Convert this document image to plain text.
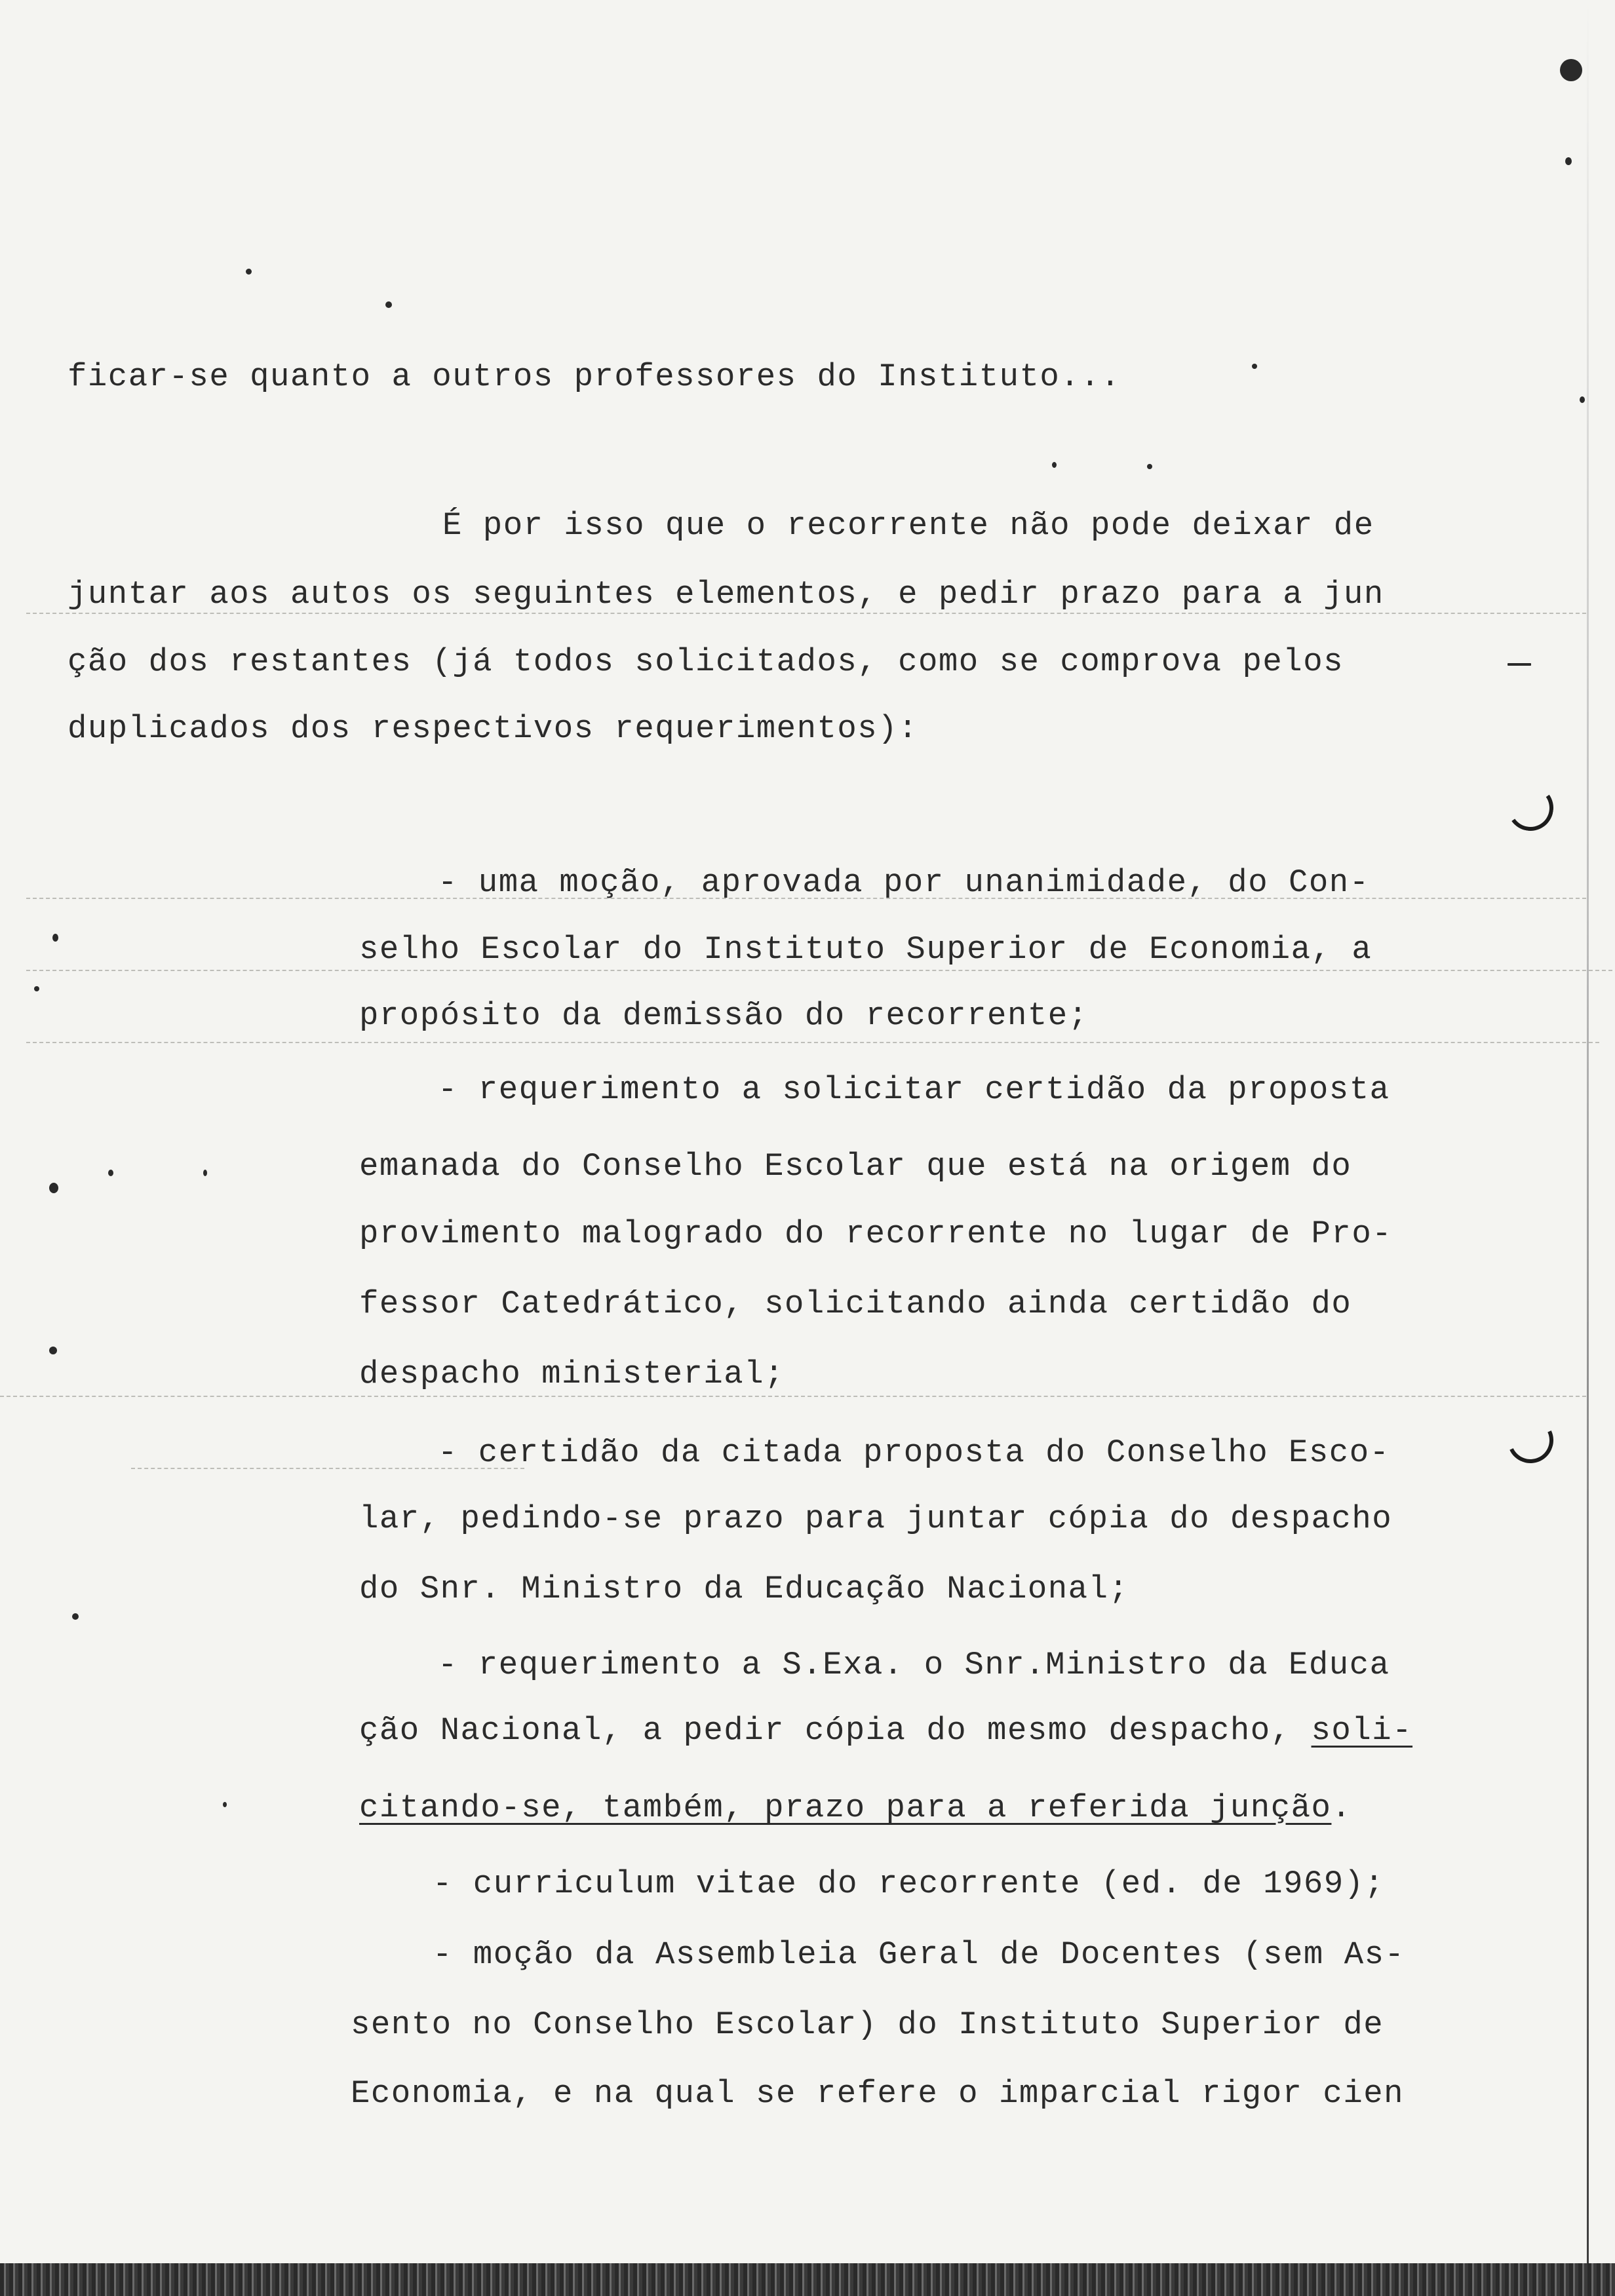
ficar-se quanto a outros professores do Instituto...
É por isso que o recorrente não pode deixar de
juntar aos autos os seguintes elementos, e pedir prazo para a jun
ção dos restantes (já todos solicitados, como se comprova pelos
duplicados dos respectivos requerimentos):
- uma moção, aprovada por unanimidade, do Con-
selho Escolar do Instituto Superior de Economia, a
propósito da demissão do recorrente;
- requerimento a solicitar certidão da proposta
emanada do Conselho Escolar que está na origem do
provimento malogrado do recorrente no lugar de Pro-
fessor Catedrático, solicitando ainda certidão do
despacho ministerial;
- certidão da citada proposta do Conselho Esco-
lar, pedindo-se prazo para juntar cópia do despacho
do Snr. Ministro da Educação Nacional;
- requerimento a S.Exa. o Snr.Ministro da Educa
ção Nacional, a pedir cópia do mesmo despacho, soli-
citando-se, também, prazo para a referida junção.
- curriculum vitae do recorrente (ed. de 1969);
- moção da Assembleia Geral de Docentes (sem As-
sento no Conselho Escolar) do Instituto Superior de
Economia, e na qual se refere o imparcial rigor cien
